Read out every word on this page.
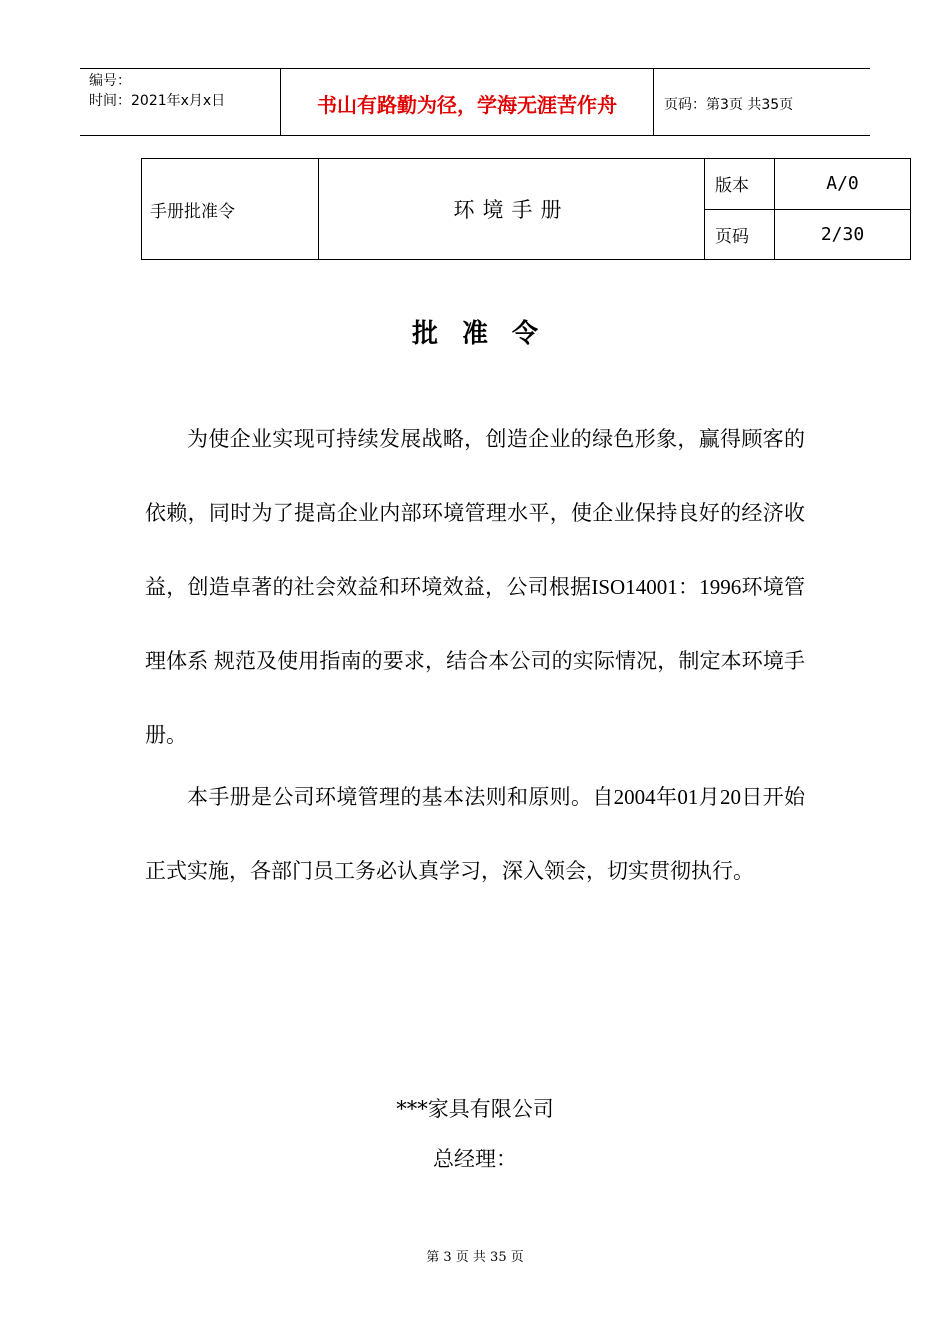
编号：
时间：2021年x月x日	书山有路勤为径，学海无涯苦作舟	页码：第3页 共35页
手册批准令	环境手册	版本	A/0
		页码	2/30
批准令

为使企业实现可持续发展战略，创造企业的绿色形象，赢得顾客的依赖，同时为了提高企业内部环境管理水平，使企业保持良好的经济收益，创造卓著的社会效益和环境效益，公司根据ISO14001：1996环境管理体系 规范及使用指南的要求，结合本公司的实际情况，制定本环境手册。

本手册是公司环境管理的基本法则和原则。自2004年01月20日开始正式实施，各部门员工务必认真学习，深入领会，切实贯彻执行。

***家具有限公司
总经理：
第 3 页 共 35 页
